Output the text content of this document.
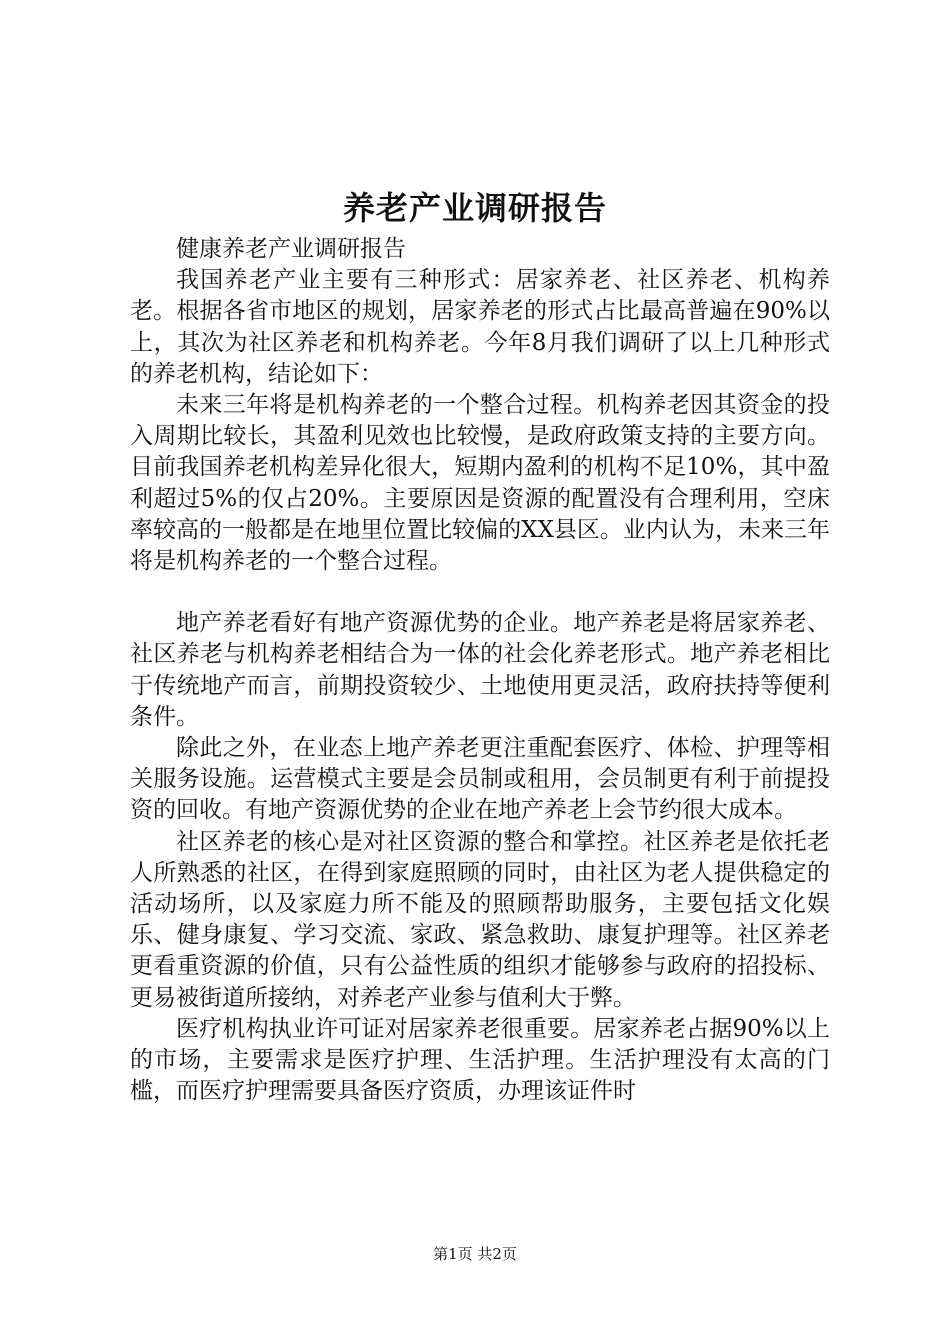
养老产业调研报告

健康养老产业调研报告

我国养老产业主要有三种形式：居家养老、社区养老、机构养老。根据各省市地区的规划，居家养老的形式占比最高普遍在90%以上，其次为社区养老和机构养老。今年8月我们调研了以上几种形式的养老机构，结论如下：

未来三年将是机构养老的一个整合过程。机构养老因其资金的投入周期比较长，其盈利见效也比较慢，是政府政策支持的主要方向。目前我国养老机构差异化很大，短期内盈利的机构不足10%，其中盈利超过5%的仅占20%。主要原因是资源的配置没有合理利用，空床率较高的一般都是在地里位置比较偏的XX县区。业内认为，未来三年将是机构养老的一个整合过程。

地产养老看好有地产资源优势的企业。地产养老是将居家养老、社区养老与机构养老相结合为一体的社会化养老形式。地产养老相比于传统地产而言，前期投资较少、土地使用更灵活，政府扶持等便利条件。

除此之外，在业态上地产养老更注重配套医疗、体检、护理等相关服务设施。运营模式主要是会员制或租用，会员制更有利于前提投资的回收。有地产资源优势的企业在地产养老上会节约很大成本。

社区养老的核心是对社区资源的整合和掌控。社区养老是依托老人所熟悉的社区，在得到家庭照顾的同时，由社区为老人提供稳定的活动场所，以及家庭力所不能及的照顾帮助服务，主要包括文化娱乐、健身康复、学习交流、家政、紧急救助、康复护理等。社区养老更看重资源的价值，只有公益性质的组织才能够参与政府的招投标、更易被街道所接纳，对养老产业参与值利大于弊。

医疗机构执业许可证对居家养老很重要。居家养老占据90%以上的市场，主要需求是医疗护理、生活护理。生活护理没有太高的门槛，而医疗护理需要具备医疗资质，办理该证件时

第1页 共2页
